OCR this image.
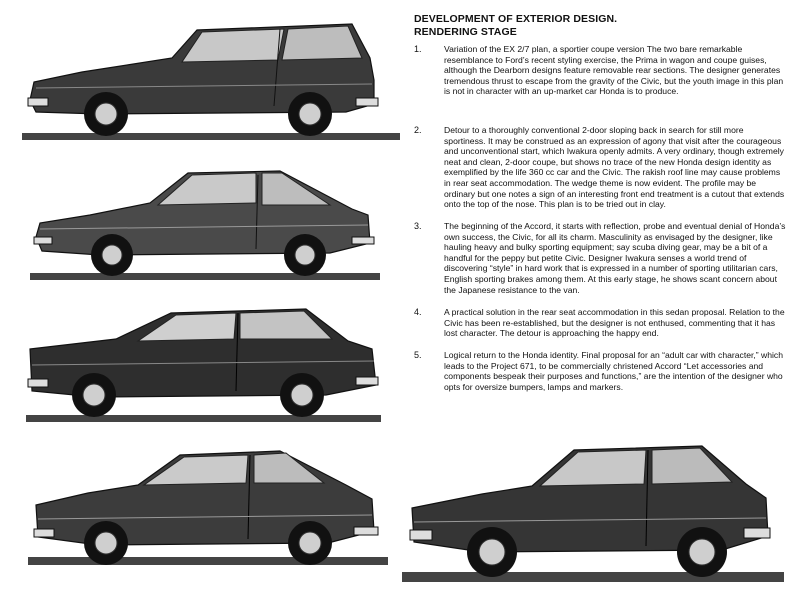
DEVELOPMENT OF EXTERIOR DESIGN.
RENDERING STAGE
1.	Variation of the EX 2/7 plan, a sportier coupe version The two bare remarkable resemblance to Ford’s recent styling exercise, the Prima in wagon and coupe guises, although the Dearborn designs feature removable rear sections. The designer generates tremendous thrust to escape from the gravity of the Civic, but the youth image in this plan is not in character with an up-market car Honda is to produce.
2.	Detour to a thoroughly conventional 2-door sloping back in search for still more sportiness. It may be construed as an expression of agony that visit after the courageous and unconventional start, which Iwakura openly admits. A very ordinary, though extremely neat and clean, 2-door coupe, but shows no trace of the new Honda design identity as exemplified by the life 360 cc car and the Civic. The rakish roof line may cause problems in rear seat accommodation. The wedge theme is now evident. The profile may be ordinary but one notes a sign of an interesting front end treatment is a cutout that extends onto the top of the nose. This plan is to be tried out in clay.
3.	The beginning of the Accord, it starts with reflection, probe and eventual denial of Honda’s own success, the Civic, for all its charm. Masculinity as envisaged by the designer, like hauling heavy and bulky sporting equipment; say scuba diving gear, may be a bit of a handful for the peppy but petite Civic. Designer Iwakura senses a world trend of discovering “style” in hard work that is expressed in a number of sporting utilitarian cars, English sporting brakes among them. At this early stage, he shows scant concern about the Japanese resistance to the van.
4.	A practical solution in the rear seat accommodation in this sedan proposal. Relation to the Civic has been re-established, but the designer is not enthused, commenting that it has lost character. The detour is approaching the happy end.
5.	Logical return to the Honda identity. Final proposal for an “adult car with character,” which leads to the Project 671, to be commercially christened Accord “Let accessories and components bespeak their purposes and functions,” are the intention of the designer who opts for oversize bumpers, lamps and markers.
